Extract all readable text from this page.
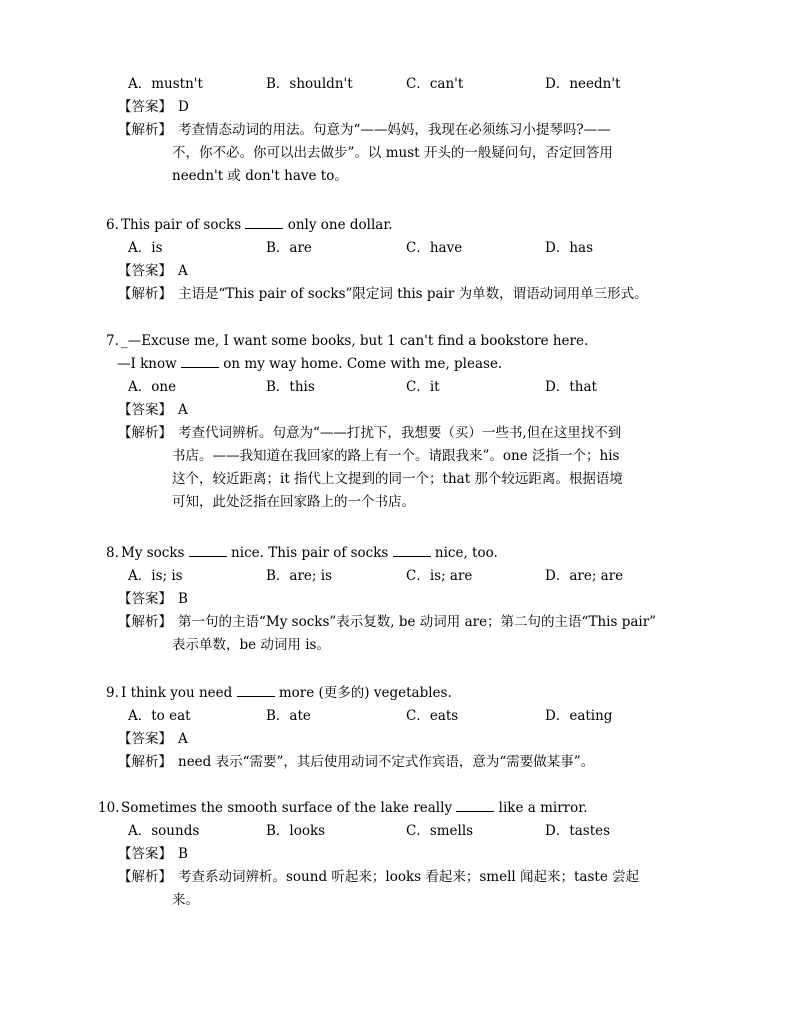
A．mustn't	B．shouldn't	C．can't	D．needn't
【答案】 D
【解析】 考查情态动词的用法。句意为“——妈妈，我现在必须练习小提琴吗?——
不，你不必。你可以出去做步”。以 must 开头的一般疑问句，否定回答用
needn't 或 don't have to。
6. This pair of socks	only one dollar.
A．is	B．are	C．have	D．has
【答案】 A
【解析】 主语是“This pair of socks”限定词 this pair 为单数，谓语动词用单三形式。
7. _—Excuse me, I want some books, but 1 can't find a bookstore here.
—I know	on my way home. Come with me, please.
A．one	B．this	C．it	D．that
【答案】 A
【解析】 考查代词辨析。句意为“——打扰下，我想要（买）一些书,但在这里找不到
书店。——我知道在我回家的路上有一个。请跟我来”。one 泛指一个；his
这个，较近距离；it 指代上文提到的同一个；that 那个较远距离。根据语境
可知，此处泛指在回家路上的一个书店。
8. My socks	nice. This pair of socks	nice, too.
A．is; is	B．are; is	C．is; are	D．are; are
【答案】 B
【解析】 第一句的主语“My socks”表示复数, be 动词用 are；第二句的主语“This pair”
表示单数，be 动词用 is。
9. I think you need	more (更多的) vegetables.
A．to eat	B．ate	C．eats	D．eating
【答案】 A
【解析】 need 表示“需要”，其后使用动词不定式作宾语，意为“需要做某事”。
10. Sometimes the smooth surface of the lake really	like a mirror.
A．sounds	B．looks	C．smells	D．tastes
【答案】 B
【解析】 考查系动词辨析。sound 听起来；looks 看起来；smell 闻起来；taste 尝起
来。
